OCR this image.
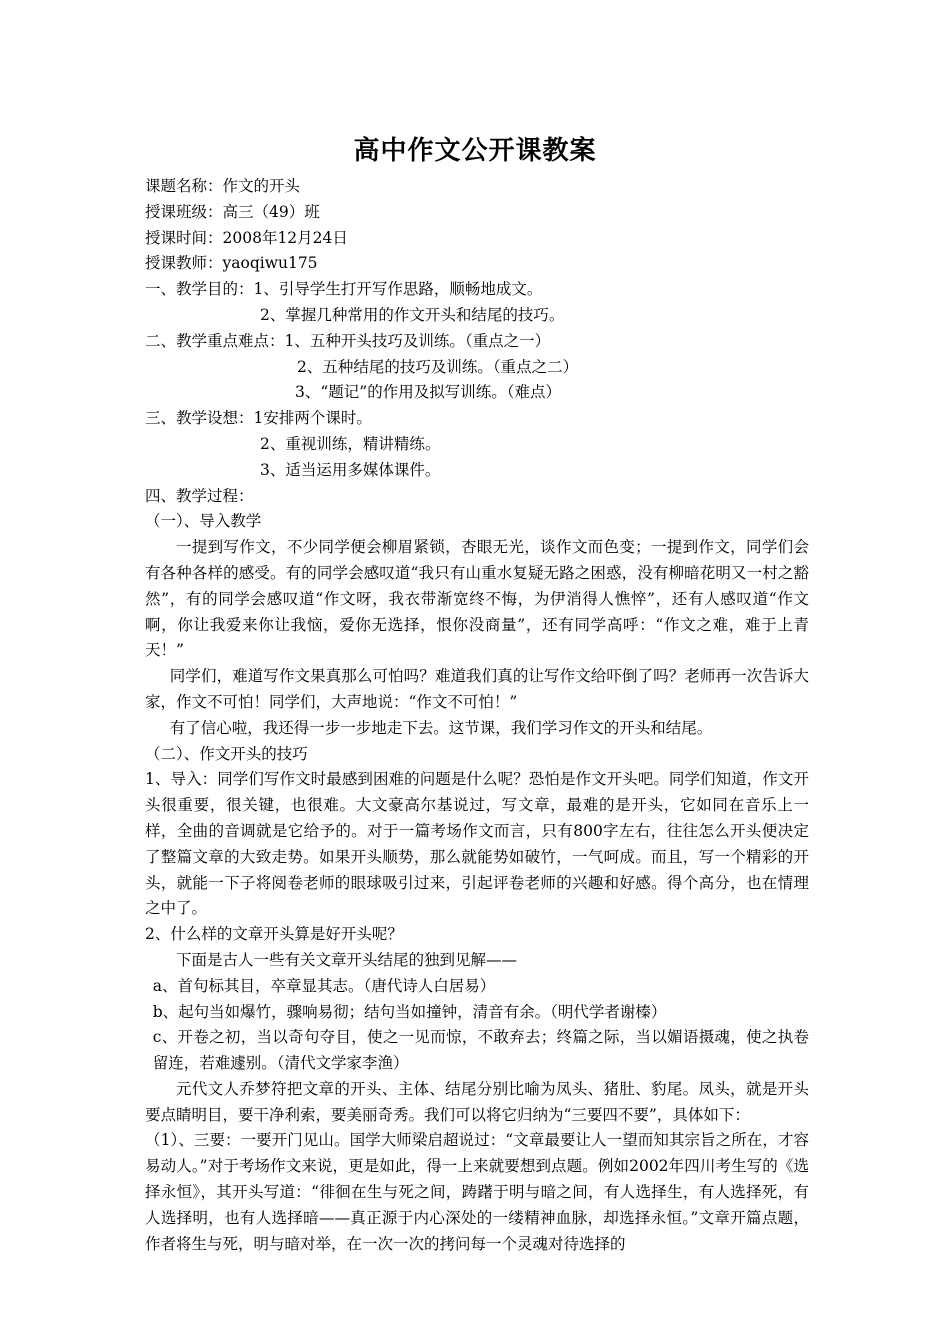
高中作文公开课教案

课题名称：作文的开头

授课班级：高三（49）班

授课时间：2008年12月24日

授课教师：yaoqiwu175

一、教学目的：1、引导学生打开写作思路，顺畅地成文。

2、掌握几种常用的作文开头和结尾的技巧。

二、教学重点难点：1、五种开头技巧及训练。（重点之一）

2、五种结尾的技巧及训练。（重点之二）

3、“题记”的作用及拟写训练。（难点）

三、教学设想：1安排两个课时。

2、重视训练，精讲精练。

3、适当运用多媒体课件。

四、教学过程：

（一）、导入教学

一提到写作文，不少同学便会柳眉紧锁，杏眼无光，谈作文而色变；一提到作文，同学们会有各种各样的感受。有的同学会感叹道“我只有山重水复疑无路之困惑，没有柳暗花明又一村之豁然”，有的同学会感叹道“作文呀，我衣带渐宽终不悔，为伊消得人憔悴”，还有人感叹道“作文啊，你让我爱来你让我恼，爱你无选择，恨你没商量”，还有同学高呼：“作文之难，难于上青天！”

同学们，难道写作文果真那么可怕吗？难道我们真的让写作文给吓倒了吗？老师再一次告诉大家，作文不可怕！同学们，大声地说：“作文不可怕！”

有了信心啦，我还得一步一步地走下去。这节课，我们学习作文的开头和结尾。

（二）、作文开头的技巧

1、导入：同学们写作文时最感到困难的问题是什么呢？恐怕是作文开头吧。同学们知道，作文开头很重要，很关键，也很难。大文豪高尔基说过，写文章，最难的是开头，它如同在音乐上一样，全曲的音调就是它给予的。对于一篇考场作文而言，只有800字左右，往往怎么开头便决定了整篇文章的大致走势。如果开头顺势，那么就能势如破竹，一气呵成。而且，写一个精彩的开头，就能一下子将阅卷老师的眼球吸引过来，引起评卷老师的兴趣和好感。得个高分，也在情理之中了。

2、什么样的文章开头算是好开头呢？

下面是古人一些有关文章开头结尾的独到见解——

a、首句标其目，卒章显其志。（唐代诗人白居易）

b、起句当如爆竹，骤响易彻；结句当如撞钟，清音有余。（明代学者谢榛）

c、开卷之初，当以奇句夺目，使之一见而惊，不敢弃去；终篇之际，当以媚语摄魂，使之执卷留连，若难遽别。（清代文学家李渔）

元代文人乔梦符把文章的开头、主体、结尾分别比喻为凤头、猪肚、豹尾。凤头，就是开头要点睛明目，要干净利索，要美丽奇秀。我们可以将它归纳为“三要四不要”，具体如下：

（1）、三要：一要开门见山。国学大师梁启超说过：“文章最要让人一望而知其宗旨之所在，才容易动人。”对于考场作文来说，更是如此，得一上来就要想到点题。例如2002年四川考生写的《选择永恒》，其开头写道：“徘徊在生与死之间，踌躇于明与暗之间，有人选择生，有人选择死，有人选择明，也有人选择暗——真正源于内心深处的一缕精神血脉，却选择永恒。”文章开篇点题，作者将生与死，明与暗对举，在一次一次的拷问每一个灵魂对待选择的
